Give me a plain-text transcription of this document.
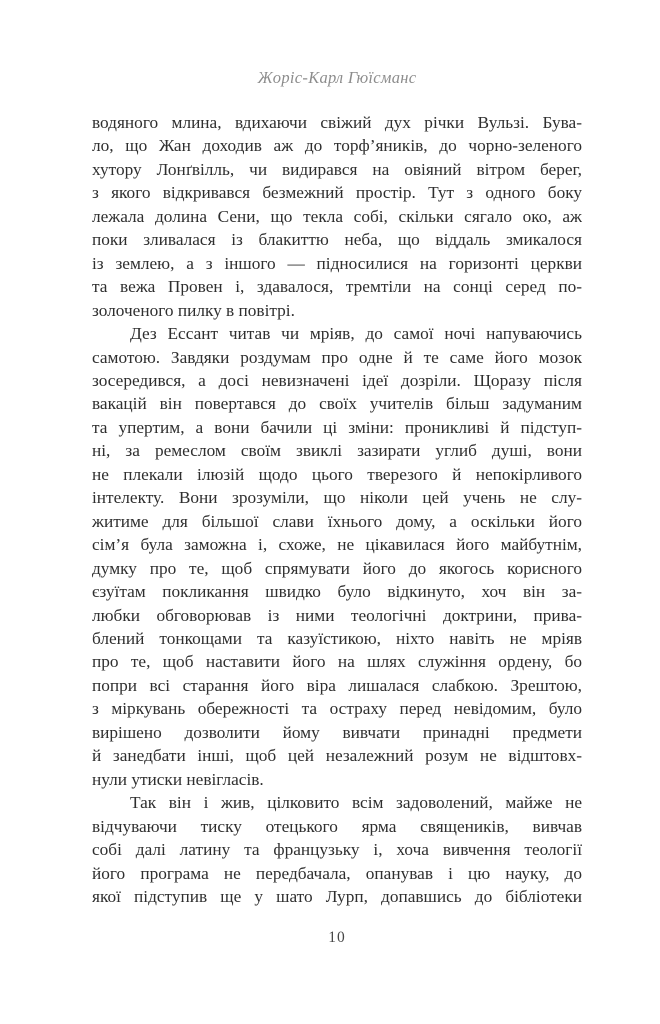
Жоріс-Карл Гюїсманс
водяного млина, вдихаючи свіжий дух річки Вульзі. Бува-
ло, що Жан доходив аж до торф’яників, до чорно-зеленого
хутору Лонґвілль, чи видирався на овіяний вітром берег,
з якого відкривався безмежний простір. Тут з одного боку
лежала долина Сени, що текла собі, скільки сягало око, аж
поки зливалася із блакиттю неба, що віддаль змикалося
із землею, а з іншого — підносилися на горизонті церкви
та вежа Провен і, здавалося, тремтіли на сонці серед по-
золоченого пилку в повітрі.
Дез Ессант читав чи мріяв, до самої ночі напуваючись
самотою. Завдяки роздумам про одне й те саме його мозок
зосередився, а досі невизначені ідеї дозріли. Щоразу після
вакацій він повертався до своїх учителів більш задуманим
та упертим, а вони бачили ці зміни: проникливі й підступ-
ні, за ремеслом своїм звиклі зазирати углиб душі, вони
не плекали ілюзій щодо цього тверезого й непокірливого
інтелекту. Вони зрозуміли, що ніколи цей учень не слу-
житиме для більшої слави їхнього дому, а оскільки його
сім’я була заможна і, схоже, не цікавилася його майбутнім,
думку про те, щоб спрямувати його до якогось корисного
єзуїтам покликання швидко було відкинуто, хоч він за-
любки обговорював із ними теологічні доктрини, прива-
блений тонкощами та казуїстикою, ніхто навіть не мріяв
про те, щоб наставити його на шлях служіння ордену, бо
попри всі старання його віра лишалася слабкою. Зрештою,
з міркувань обережності та остраху перед невідомим, було
вирішено дозволити йому вивчати принадні предмети
й занедбати інші, щоб цей незалежний розум не відштовх-
нули утиски невігласів.
Так він і жив, цілковито всім задоволений, майже не
відчуваючи тиску отецького ярма священиків, вивчав
собі далі латину та французьку і, хоча вивчення теології
його програма не передбачала, опанував і цю науку, до
якої підступив ще у шато Лурп, допавшись до бібліотеки
10
